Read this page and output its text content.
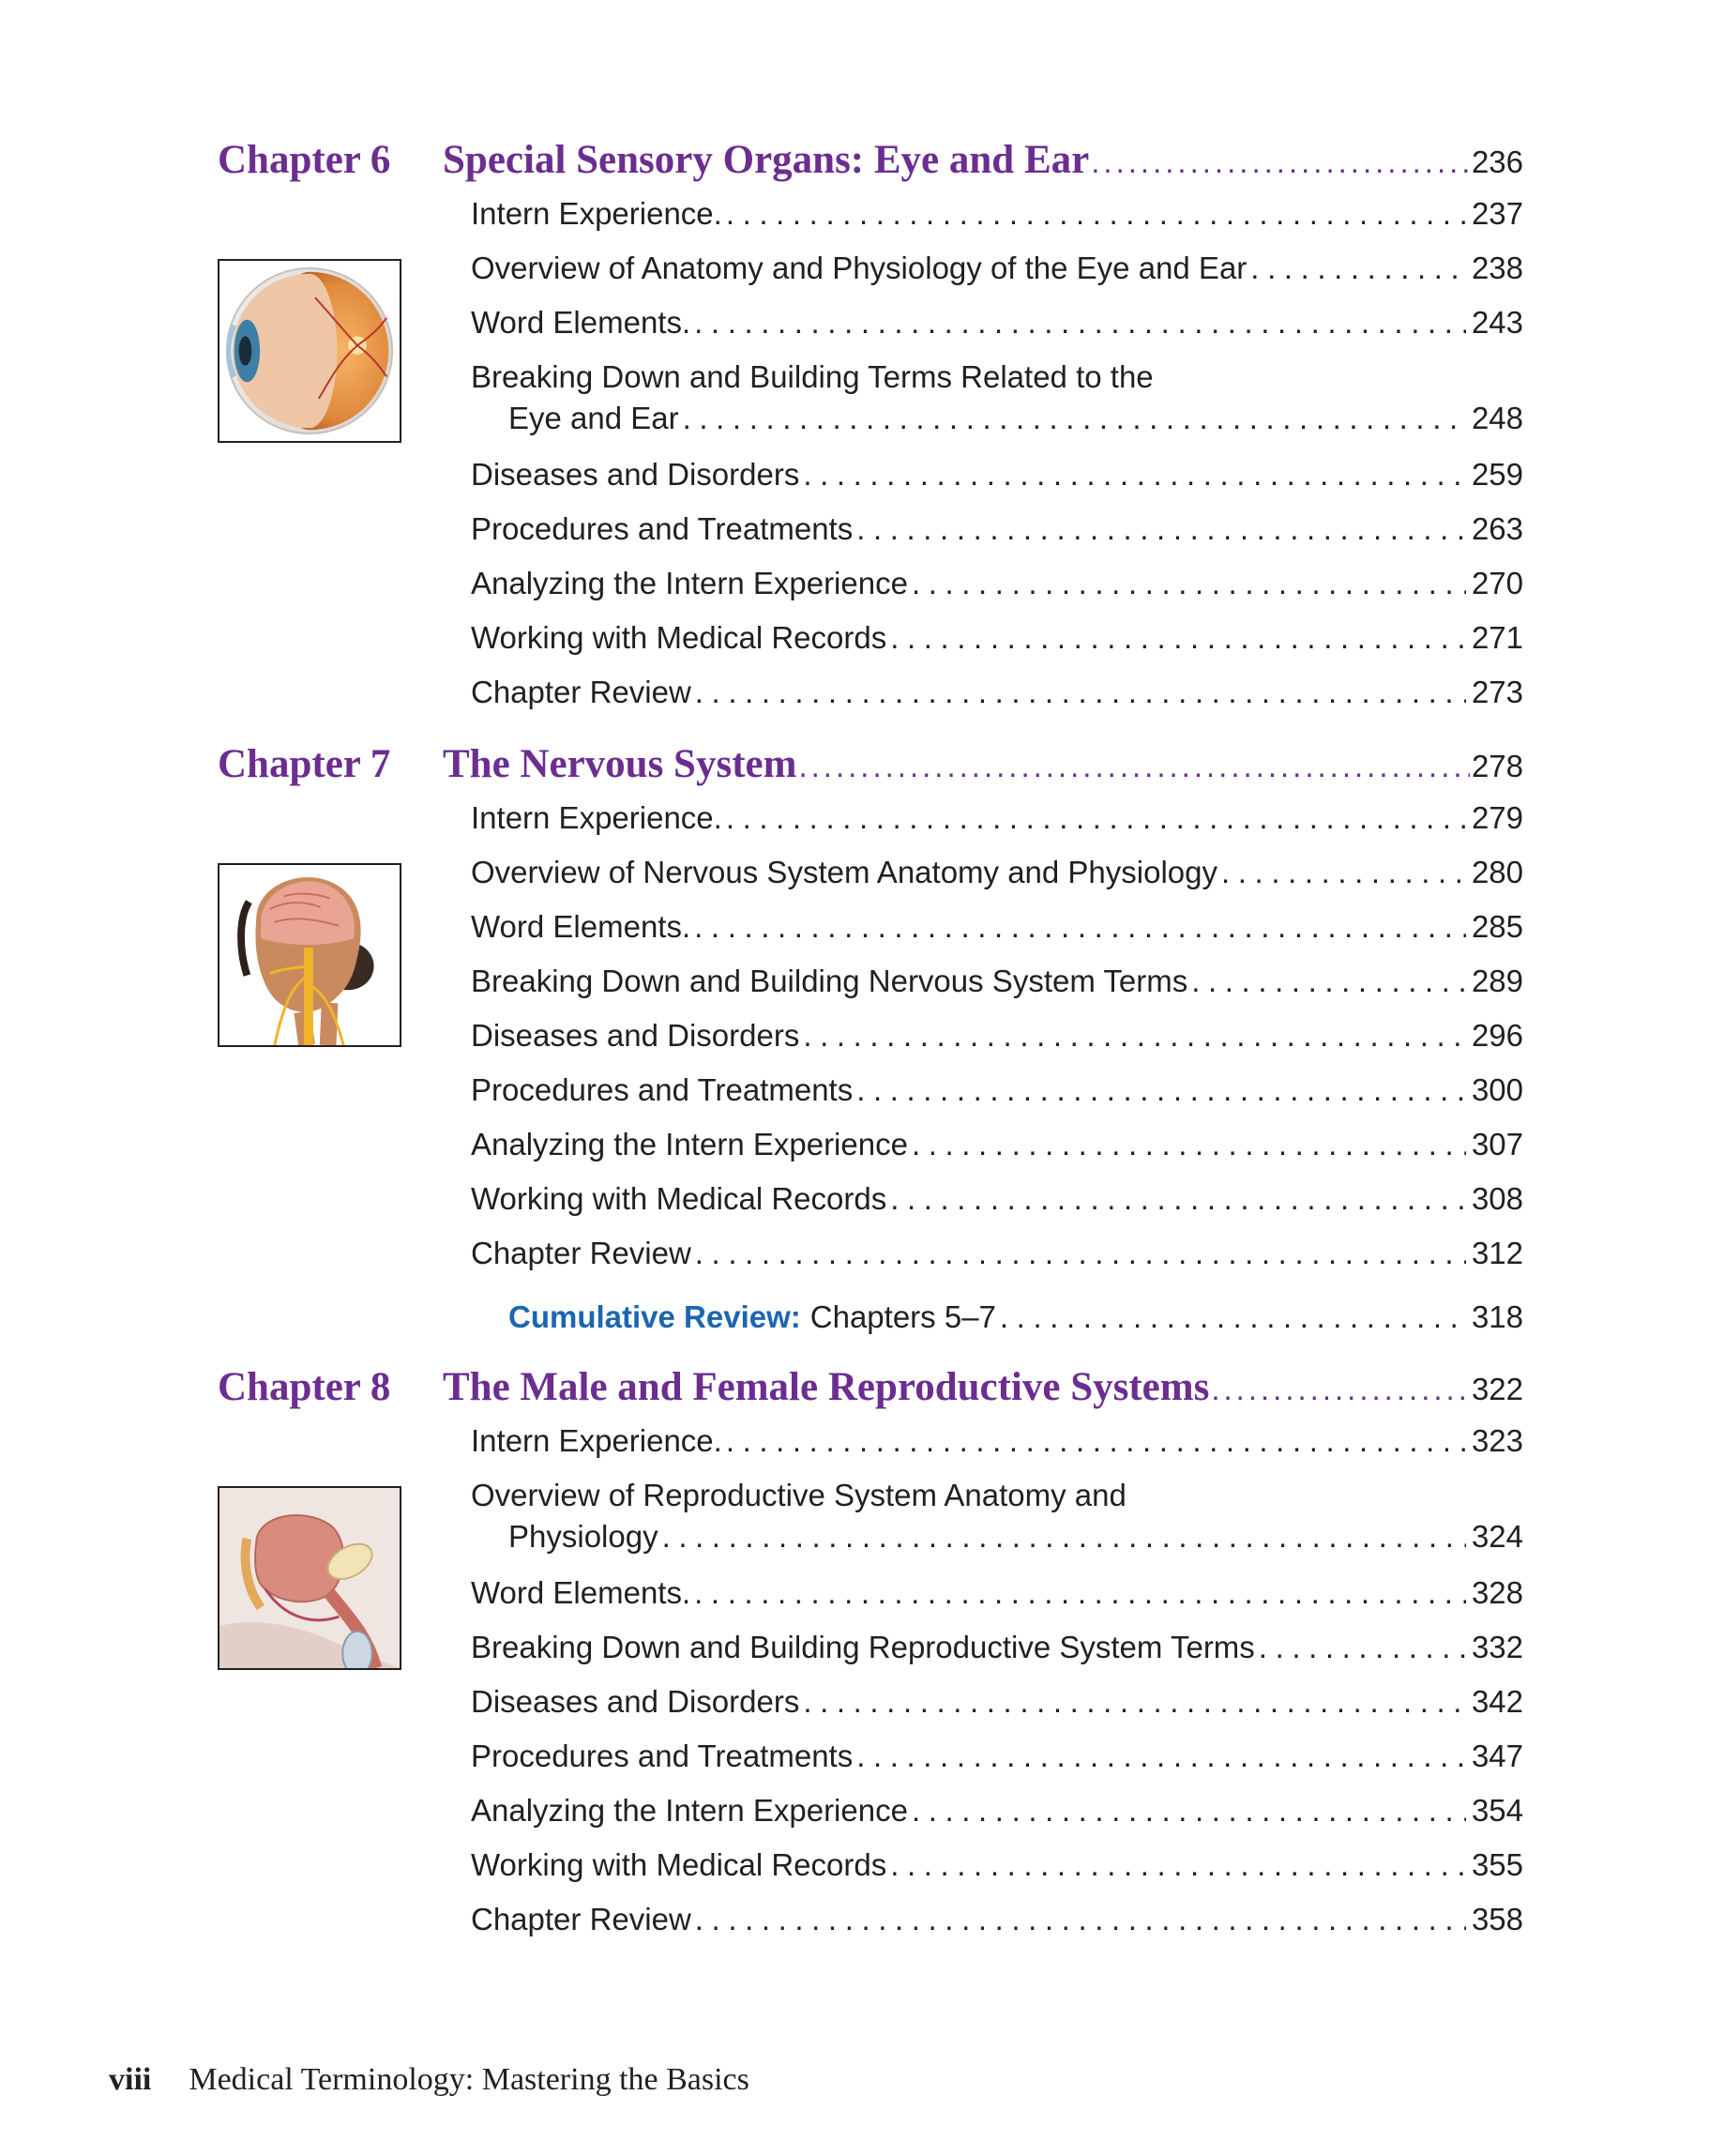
Chapter 6	Special Sensory Organs: Eye and Ear .....	236
Intern Experience. .....	237
Overview of Anatomy and Physiology of the Eye and Ear .....	238
Word Elements. .....	243
Breaking Down and Building Terms Related to the
Eye and Ear .....	248
Diseases and Disorders .....	259
Procedures and Treatments .....	263
Analyzing the Intern Experience .....	270
Working with Medical Records .....	271
Chapter Review .....	273
Chapter 7	The Nervous System .....	278
Intern Experience. .....	279
Overview of Nervous System Anatomy and Physiology .....	280
Word Elements. .....	285
Breaking Down and Building Nervous System Terms .....	289
Diseases and Disorders .....	296
Procedures and Treatments .....	300
Analyzing the Intern Experience .....	307
Working with Medical Records .....	308
Chapter Review .....	312
Cumulative Review: Chapters 5–7 .....	318
Chapter 8	The Male and Female Reproductive Systems .....	322
Intern Experience. .....	323
Overview of Reproductive System Anatomy and
Physiology .....	324
Word Elements. .....	328
Breaking Down and Building Reproductive System Terms .....	332
Diseases and Disorders .....	342
Procedures and Treatments .....	347
Analyzing the Intern Experience .....	354
Working with Medical Records .....	355
Chapter Review .....	358
viii Medical Terminology: Mastering the Basics
